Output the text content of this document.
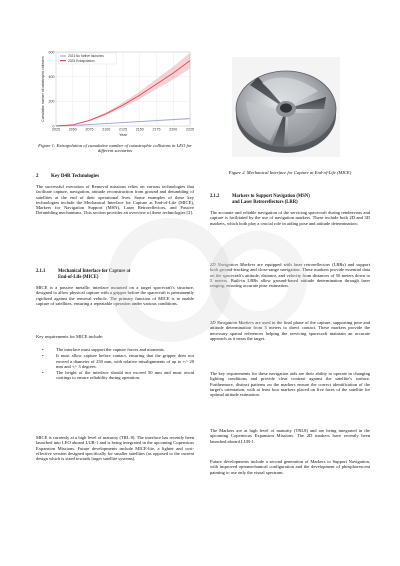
0
200
400
600
2025 2050 2075 2100 2125 2150 2175 2200 2225
Year
Cumulative number of catastrophic collisions
2024 No further launches
2025 Extrapolation
Figure 1: Extrapolation of cumulative number of catastrophic collisions in LEO for different scenarios
Figure 2. Mechanical Interface for Capture at End-of-Life (MICE)
2	Key D4R Technologies

The successful execution of Removal missions relies on various technologies that facilitate capture, navigation, attitude reconstruction from ground and detumbling of satellites at the end of their operational lives. Some examples of these key technologies include the Mechanical Interface for Capture at End-of-Life (MICE), Markers for Navigation Support (MSN), Laser Retroreflectors, and Passive Detumbling mechanisms. This section provides an overview of these technologies [2].

2.1.1	Mechanical Interface for Capture at
End-of-Life (MICE)

MICE is a passive metallic interface mounted on a target spacecraft's structure, designed to allow physical capture with a gripper before the spacecraft is permanently rigidized against the removal vehicle. The primary function of MICE is to enable capture of satellites, ensuring a repeatable operation under various conditions.

Key requirements for MICE include:

• The interface must support the capture forces and moments.
• It must allow capture before contact, ensuring that the gripper does not exceed a diameter of 250 mm, with relative misalignments of up to +/- 20 mm and +/- 3 degrees.
• The height of the interface should not exceed 50 mm and must avoid coatings to ensure reliability during operation.

MICE is currently at a high level of maturity (TRL 8). The interface has recently been launched into LEO aboard LUR-1 and is being integrated in the upcoming Copernicus Expansion Missions. Future developments include MICE-lite, a lighter and cost-effective version designed specifically for smaller satellites (as opposed to the current design which is sized towards larger satellite systems).

2.1.2	Markers to Support Navigation (MSN)
and Laser Retroreflectors (LRR)

The accurate and reliable navigation of the servicing spacecraft during rendezvous and capture is facilitated by the use of navigation markers. These include both 2D and 3D markers, which both play a crucial role in aiding pose and attitude determination:

2D Navigation Markers are equipped with laser retroreflectors (LRRs) and support both ground-tracking and close-range navigation. These markers provide essential data on the spacecraft's attitude, distance, and velocity from distances of 50 meters down to 5 meters. Built-in LRRs allow ground-based attitude determination through laser ranging, ensuring accurate pose estimation.

3D Navigation Markers are used in the final phase of the capture, supporting pose and attitude determination from 5 meters to direct contact. These markers provide the necessary spatial references helping the servicing spacecraft maintain an accurate approach as it nears the target.

The key requirements for these navigation aids are their ability to operate in changing lighting conditions and provide clear contrast against the satellite's surface. Furthermore, distinct patterns on the markers ensure the correct identification of the target's orientation, with at least four markers placed on five faces of the satellite for optimal attitude estimation.

The Markers are at high level of maturity (TRL8) and are being integrated in the upcoming Copernicus Expansion Missions. The 2D markers have recently been launched aboard LUR-1.

Future developments include a second generation of Markers to Support Navigation, with improved optomechanical configuration and the development of phosphorescent painting to use only the visual spectrum.
